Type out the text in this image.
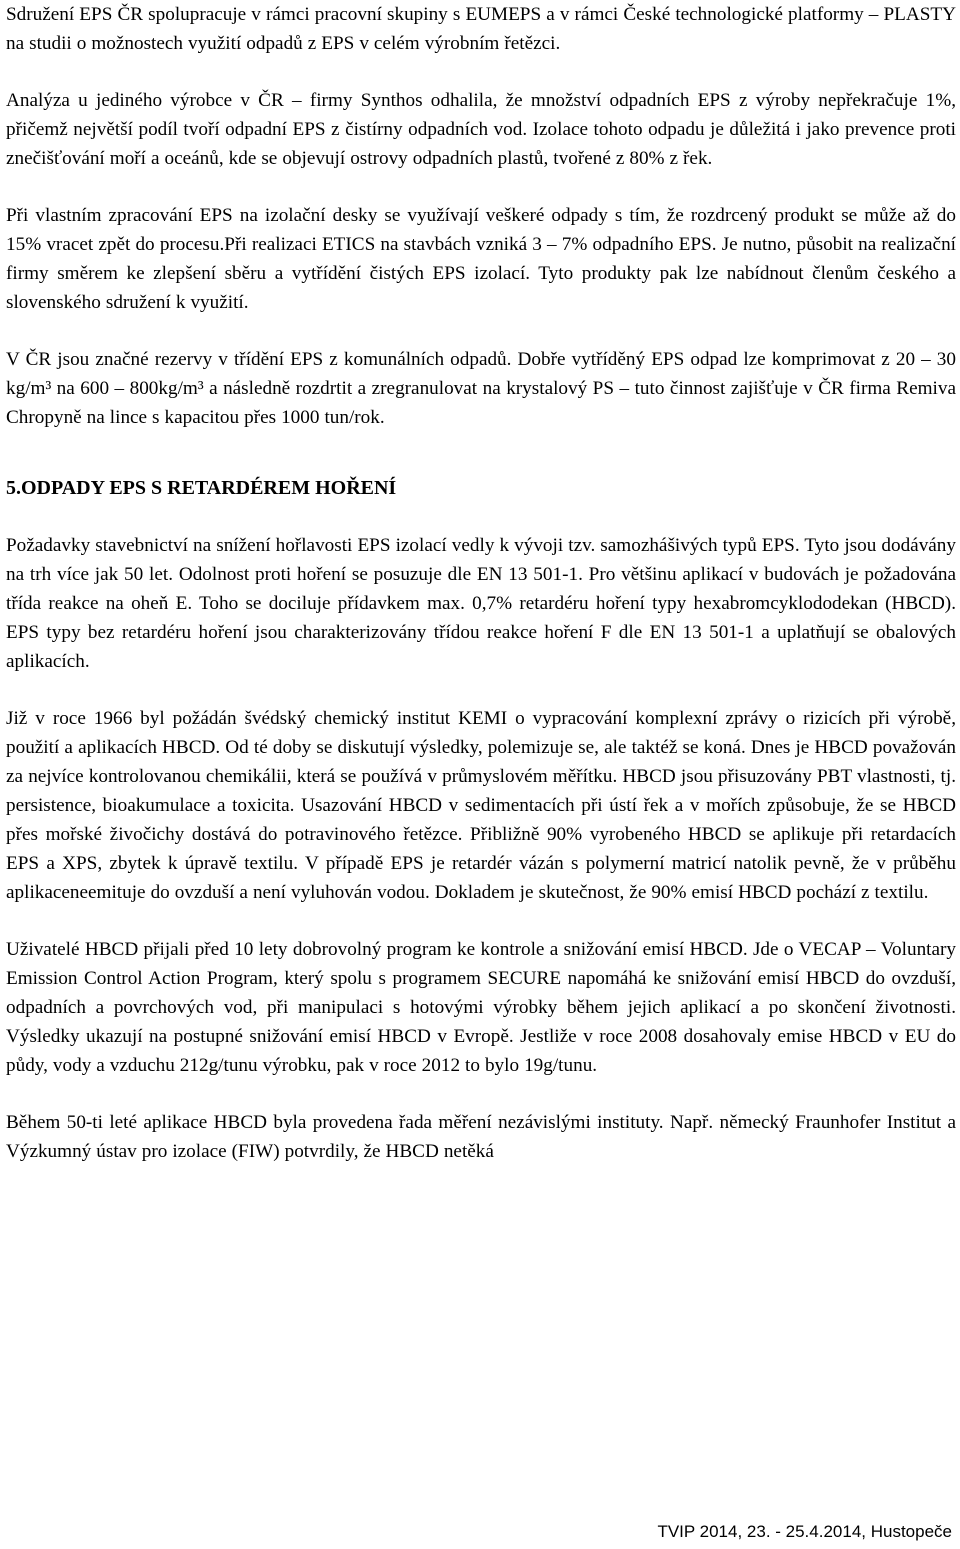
Sdružení EPS ČR spolupracuje v rámci pracovní skupiny s EUMEPS a v rámci České technologické platformy – PLASTY na studii o možnostech využití odpadů z EPS v celém výrobním řetězci.

Analýza u jediného výrobce v ČR – firmy Synthos odhalila, že množství odpadních EPS z výroby nepřekračuje 1%, přičemž největší podíl tvoří odpadní EPS z čistírny odpadních vod. Izolace tohoto odpadu je důležitá i jako prevence proti znečišťování moří a oceánů, kde se objevují ostrovy odpadních plastů, tvořené z 80% z řek.

Při vlastním zpracování EPS na izolační desky se využívají veškeré odpady s tím, že rozdrcený produkt se může až do 15% vracet zpět do procesu.Při realizaci ETICS na stavbách vzniká 3 – 7% odpadního EPS. Je nutno, působit na realizační firmy směrem ke zlepšení sběru a vytřídění čistých EPS izolací. Tyto produkty pak lze nabídnout členům českého a slovenského sdružení k využití.

V ČR jsou značné rezervy v třídění EPS z komunálních odpadů. Dobře vytříděný EPS odpad lze komprimovat z 20 – 30 kg/m³ na 600 – 800kg/m³ a následně rozdrtit a zregranulovat na krystalový PS – tuto činnost zajišťuje v ČR firma Remiva Chropyně na lince s kapacitou přes 1000 tun/rok.

5.ODPADY EPS S RETARDÉREM HOŘENÍ

Požadavky stavebnictví na snížení hořlavosti EPS izolací vedly k vývoji tzv. samozhášivých typů EPS. Tyto jsou dodávány na trh více jak 50 let. Odolnost proti hoření se posuzuje dle EN 13 501-1. Pro většinu aplikací v budovách je požadována třída reakce na oheň E. Toho se dociluje přídavkem max. 0,7% retardéru hoření typy hexabromcyklododekan (HBCD). EPS typy bez retardéru hoření jsou charakterizovány třídou reakce hoření F dle EN 13 501-1 a uplatňují se obalových aplikacích.

Již v roce 1966 byl požádán švédský chemický institut KEMI o vypracování komplexní zprávy o rizicích při výrobě, použití a aplikacích HBCD. Od té doby se diskutují výsledky, polemizuje se, ale taktéž se koná. Dnes je HBCD považován za nejvíce kontrolovanou chemikálii, která se používá v průmyslovém měřítku. HBCD jsou přisuzovány PBT vlastnosti, tj. persistence, bioakumulace a toxicita. Usazování HBCD v sedimentacích při ústí řek a v mořích způsobuje, že se HBCD přes mořské živočichy dostává do potravinového řetězce. Přibližně 90% vyrobeného HBCD se aplikuje při retardacích EPS a XPS, zbytek k úpravě textilu. V případě EPS je retardér vázán s polymerní matricí natolik pevně, že v průběhu aplikaceneemituje do ovzduší a není vyluhován vodou. Dokladem je skutečnost, že 90% emisí HBCD pochází z textilu.

Uživatelé HBCD přijali před 10 lety dobrovolný program ke kontrole a snižování emisí HBCD. Jde o VECAP – Voluntary Emission Control Action Program, který spolu s programem SECURE napomáhá ke snižování emisí HBCD do ovzduší, odpadních a povrchových vod, při manipulaci s hotovými výrobky během jejich aplikací a po skončení životnosti. Výsledky ukazují na postupné snižování emisí HBCD v Evropě. Jestliže v roce 2008 dosahovaly emise HBCD v EU do půdy, vody a vzduchu 212g/tunu výrobku, pak v roce 2012 to bylo 19g/tunu.

Během 50-ti leté aplikace HBCD byla provedena řada měření nezávislými instituty. Např. německý Fraunhofer Institut a Výzkumný ústav pro izolace (FIW) potvrdily, že HBCD netěká

TVIP 2014, 23. - 25.4.2014, Hustopeče
